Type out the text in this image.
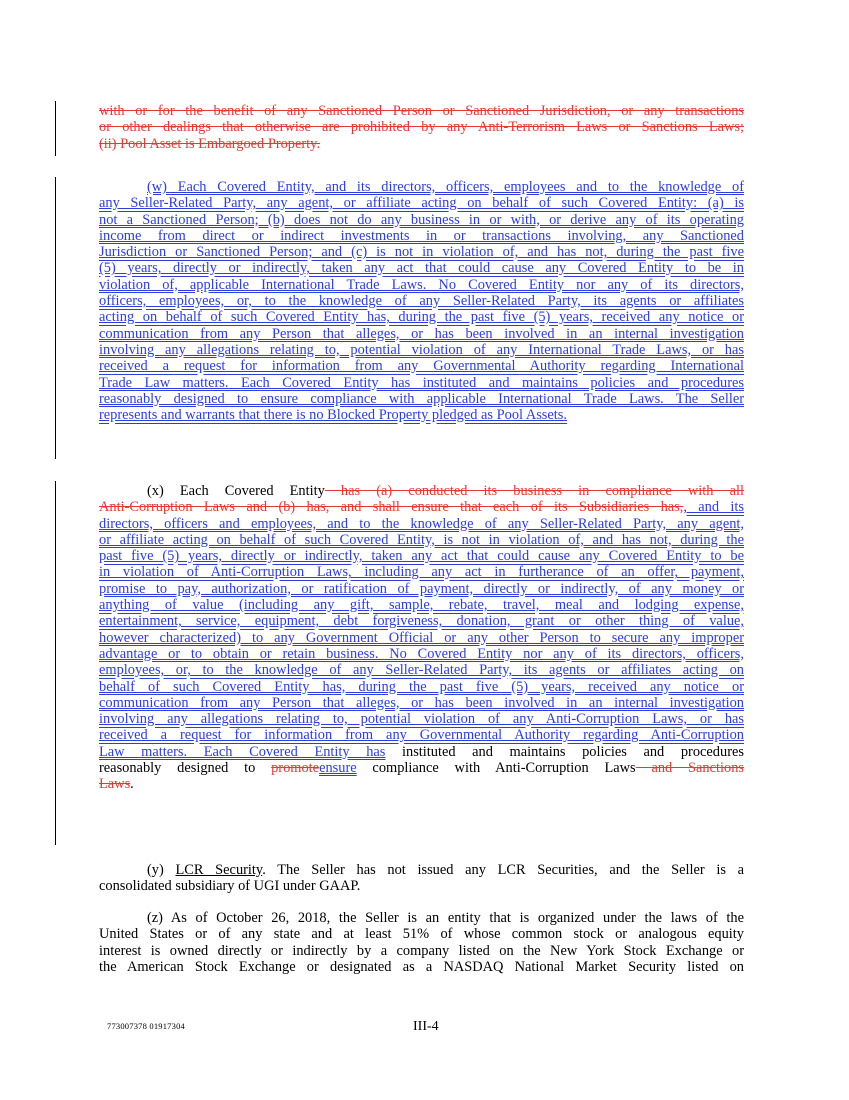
with or for the benefit of any Sanctioned Person or Sanctioned Jurisdiction, or any transactions
or other dealings that otherwise are prohibited by any Anti-Terrorism Laws or Sanctions Laws;
(ii) Pool Asset is Embargoed Property.
(w) Each Covered Entity, and its directors, officers, employees and to the knowledge of
any Seller-Related Party, any agent, or affiliate acting on behalf of such Covered Entity: (a) is
not a Sanctioned Person; (b) does not do any business in or with, or derive any of its operating
income from direct or indirect investments in or transactions involving, any Sanctioned
Jurisdiction or Sanctioned Person; and (c) is not in violation of, and has not, during the past five
(5) years, directly or indirectly, taken any act that could cause any Covered Entity to be in
violation of, applicable International Trade Laws. No Covered Entity nor any of its directors,
officers, employees, or, to the knowledge of any Seller-Related Party, its agents or affiliates
acting on behalf of such Covered Entity has, during the past five (5) years, received any notice or
communication from any Person that alleges, or has been involved in an internal investigation
involving any allegations relating to, potential violation of any International Trade Laws, or has
received a request for information from any Governmental Authority regarding International
Trade Law matters. Each Covered Entity has instituted and maintains policies and procedures
reasonably designed to ensure compliance with applicable International Trade Laws. The Seller
represents and warrants that there is no Blocked Property pledged as Pool Assets.
(x) Each Covered Entity has (a) conducted its business in compliance with all
Anti-Corruption Laws and (b) has, and shall ensure that each of its Subsidiaries has,, and its
directors, officers and employees, and to the knowledge of any Seller-Related Party, any agent,
or affiliate acting on behalf of such Covered Entity, is not in violation of, and has not, during the
past five (5) years, directly or indirectly, taken any act that could cause any Covered Entity to be
in violation of Anti-Corruption Laws, including any act in furtherance of an offer, payment,
promise to pay, authorization, or ratification of payment, directly or indirectly, of any money or
anything of value (including any gift, sample, rebate, travel, meal and lodging expense,
entertainment, service, equipment, debt forgiveness, donation, grant or other thing of value,
however characterized) to any Government Official or any other Person to secure any improper
advantage or to obtain or retain business. No Covered Entity nor any of its directors, officers,
employees, or, to the knowledge of any Seller-Related Party, its agents or affiliates acting on
behalf of such Covered Entity has, during the past five (5) years, received any notice or
communication from any Person that alleges, or has been involved in an internal investigation
involving any allegations relating to, potential violation of any Anti-Corruption Laws, or has
received a request for information from any Governmental Authority regarding Anti-Corruption
Law matters. Each Covered Entity has instituted and maintains policies and procedures
reasonably designed to promoteensure compliance with Anti-Corruption Laws and Sanctions
Laws.
(y) LCR Security. The Seller has not issued any LCR Securities, and the Seller is a
consolidated subsidiary of UGI under GAAP.
(z) As of October 26, 2018, the Seller is an entity that is organized under the laws of the
United States or of any state and at least 51% of whose common stock or analogous equity
interest is owned directly or indirectly by a company listed on the New York Stock Exchange or
the American Stock Exchange or designated as a NASDAQ National Market Security listed on
773007378 01917304	III-4
